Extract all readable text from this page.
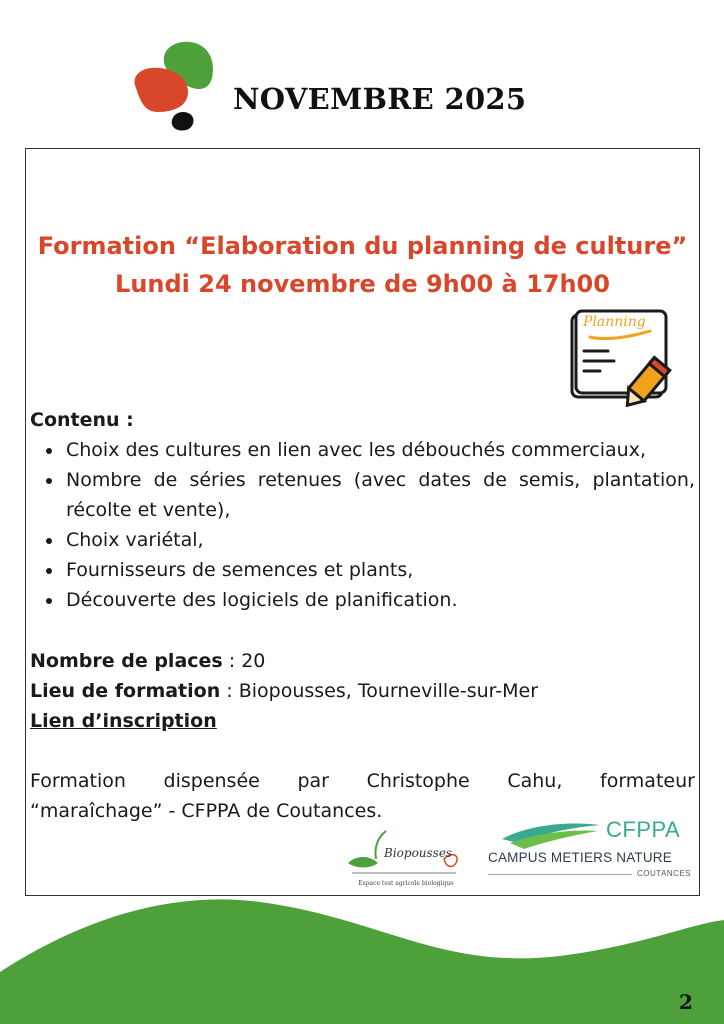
NOVEMBRE 2025
Formation “Elaboration du planning de culture”
Lundi 24 novembre de 9h00 à 17h00
Planning
Contenu :
Choix des cultures en lien avec les débouchés commerciaux,
Nombre de séries retenues (avec dates de semis, plantation, récolte et vente),
Choix variétal,
Fournisseurs de semences et plants,
Découverte des logiciels de planification.
Nombre de places : 20
Lieu de formation : Biopousses, Tourneville-sur-Mer
Lien d’inscription
Formation dispensée par Christophe Cahu, formateur
“maraîchage” - CFPPA de Coutances.
Biopousses
Espace test agricole biologique
CFPPA
CAMPUS METIERS NATURE
COUTANCES
2
